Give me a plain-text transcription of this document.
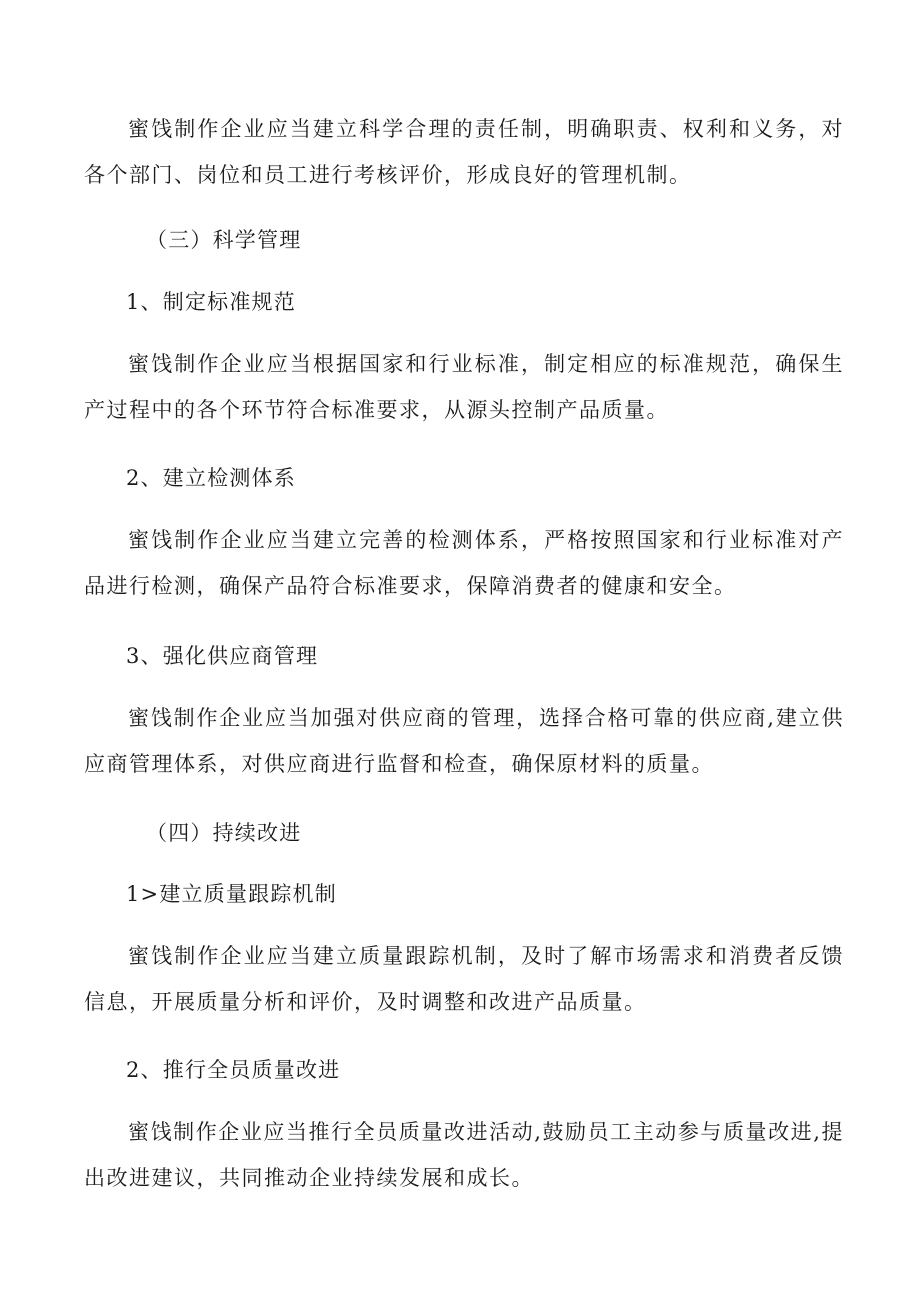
蜜饯制作企业应当建立科学合理的责任制，明确职责、权利和义务，对各个部门、岗位和员工进行考核评价，形成良好的管理机制。

（三）科学管理

1、制定标准规范

蜜饯制作企业应当根据国家和行业标准，制定相应的标准规范，确保生产过程中的各个环节符合标准要求，从源头控制产品质量。

2、建立检测体系

蜜饯制作企业应当建立完善的检测体系，严格按照国家和行业标准对产品进行检测，确保产品符合标准要求，保障消费者的健康和安全。

3、强化供应商管理

蜜饯制作企业应当加强对供应商的管理，选择合格可靠的供应商,建立供应商管理体系，对供应商进行监督和检查，确保原材料的质量。

（四）持续改进

1>建立质量跟踪机制

蜜饯制作企业应当建立质量跟踪机制，及时了解市场需求和消费者反馈信息，开展质量分析和评价，及时调整和改进产品质量。

2、推行全员质量改进

蜜饯制作企业应当推行全员质量改进活动,鼓励员工主动参与质量改进,提出改进建议，共同推动企业持续发展和成长。
